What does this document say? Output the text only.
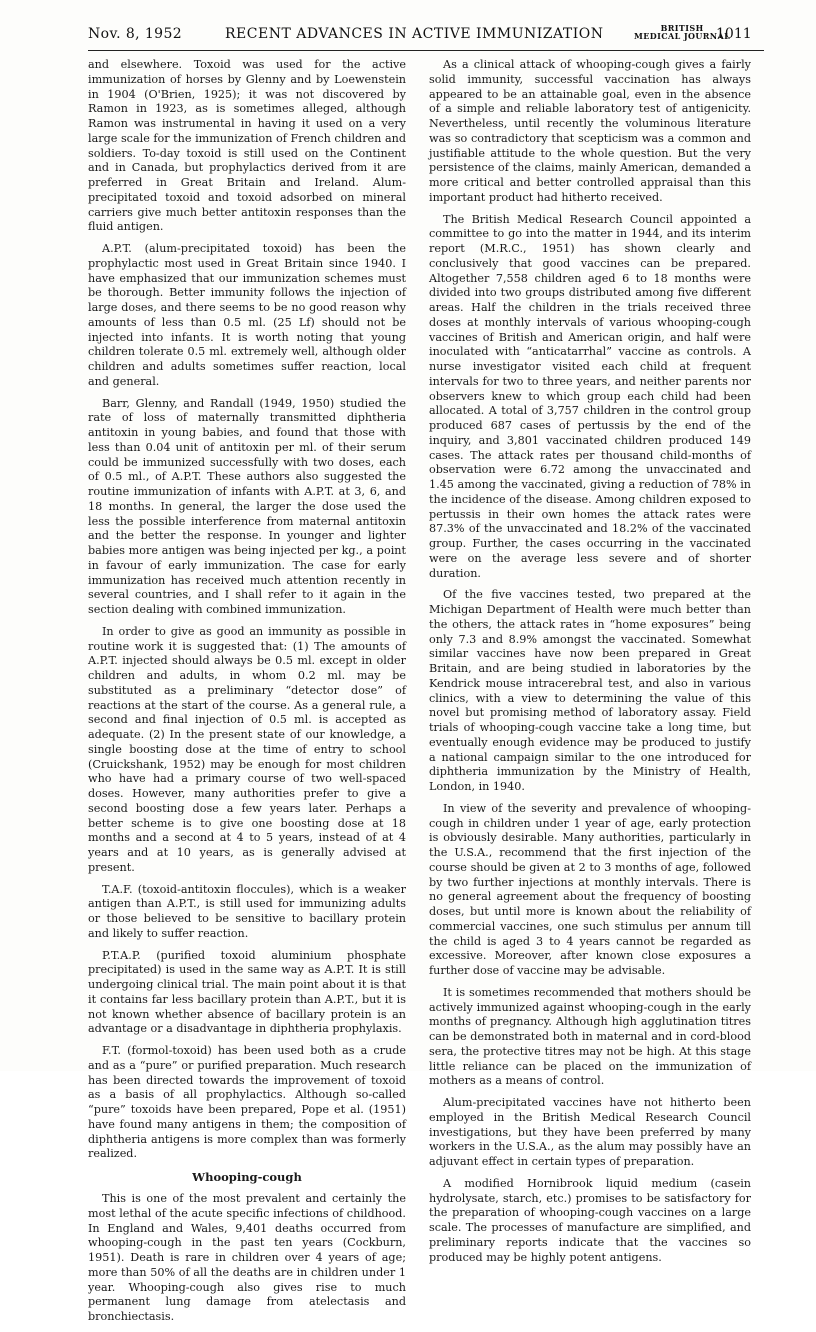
Nov. 8, 1952	RECENT ADVANCES IN ACTIVE IMMUNIZATION	BRITISH
MEDICAL JOURNAL
1011

and elsewhere. Toxoid was used for the active immunization of horses by Glenny and by Loewenstein in 1904 (O'Brien, 1925); it was not discovered by Ramon in 1923, as is sometimes alleged, although Ramon was instrumental in having it used on a very large scale for the immunization of French children and soldiers. To-day toxoid is still used on the Continent and in Canada, but prophylactics derived from it are preferred in Great Britain and Ireland. Alum-precipitated toxoid and toxoid adsorbed on mineral carriers give much better antitoxin responses than the fluid antigen.

A.P.T. (alum-precipitated toxoid) has been the prophylactic most used in Great Britain since 1940. I have emphasized that our immunization schemes must be thorough. Better immunity follows the injection of large doses, and there seems to be no good reason why amounts of less than 0.5 ml. (25 Lf) should not be injected into infants. It is worth noting that young children tolerate 0.5 ml. extremely well, although older children and adults sometimes suffer reaction, local and general.

Barr, Glenny, and Randall (1949, 1950) studied the rate of loss of maternally transmitted diphtheria antitoxin in young babies, and found that those with less than 0.04 unit of antitoxin per ml. of their serum could be immunized successfully with two doses, each of 0.5 ml., of A.P.T. These authors also suggested the routine immunization of infants with A.P.T. at 3, 6, and 18 months. In general, the larger the dose used the less the possible interference from maternal antitoxin and the better the response. In younger and lighter babies more antigen was being injected per kg., a point in favour of early immunization. The case for early immunization has received much attention recently in several countries, and I shall refer to it again in the section dealing with combined immunization.

In order to give as good an immunity as possible in routine work it is suggested that: (1) The amounts of A.P.T. injected should always be 0.5 ml. except in older children and adults, in whom 0.2 ml. may be substituted as a preliminary “detector dose” of reactions at the start of the course. As a general rule, a second and final injection of 0.5 ml. is accepted as adequate. (2) In the present state of our knowledge, a single boosting dose at the time of entry to school (Cruickshank, 1952) may be enough for most children who have had a primary course of two well-spaced doses. However, many authorities prefer to give a second boosting dose a few years later. Perhaps a better scheme is to give one boosting dose at 18 months and a second at 4 to 5 years, instead of at 4 years and at 10 years, as is generally advised at present.

T.A.F. (toxoid-antitoxin floccules), which is a weaker antigen than A.P.T., is still used for immunizing adults or those believed to be sensitive to bacillary protein and likely to suffer reaction.

P.T.A.P. (purified toxoid aluminium phosphate precipitated) is used in the same way as A.P.T. It is still undergoing clinical trial. The main point about it is that it contains far less bacillary protein than A.P.T., but it is not known whether absence of bacillary protein is an advantage or a disadvantage in diphtheria prophylaxis.

F.T. (formol-toxoid) has been used both as a crude and as a “pure” or purified preparation. Much research has been directed towards the improvement of toxoid as a basis of all prophylactics. Although so-called “pure” toxoids have been prepared, Pope et al. (1951) have found many antigens in them; the composition of diphtheria antigens is more complex than was formerly realized.

Whooping-cough

This is one of the most prevalent and certainly the most lethal of the acute specific infections of childhood. In England and Wales, 9,401 deaths occurred from whooping-cough in the past ten years (Cockburn, 1951). Death is rare in children over 4 years of age; more than 50% of all the deaths are in children under 1 year. Whooping-cough also gives rise to much permanent lung damage from atelectasis and bronchiectasis.

As a clinical attack of whooping-cough gives a fairly solid immunity, successful vaccination has always appeared to be an attainable goal, even in the absence of a simple and reliable laboratory test of antigenicity. Nevertheless, until recently the voluminous literature was so contradictory that scepticism was a common and justifiable attitude to the whole question. But the very persistence of the claims, mainly American, demanded a more critical and better controlled appraisal than this important product had hitherto received.

The British Medical Research Council appointed a committee to go into the matter in 1944, and its interim report (M.R.C., 1951) has shown clearly and conclusively that good vaccines can be prepared. Altogether 7,558 children aged 6 to 18 months were divided into two groups distributed among five different areas. Half the children in the trials received three doses at monthly intervals of various whooping-cough vaccines of British and American origin, and half were inoculated with “anticatarrhal” vaccine as controls. A nurse investigator visited each child at frequent intervals for two to three years, and neither parents nor observers knew to which group each child had been allocated. A total of 3,757 children in the control group produced 687 cases of pertussis by the end of the inquiry, and 3,801 vaccinated children produced 149 cases. The attack rates per thousand child-months of observation were 6.72 among the unvaccinated and 1.45 among the vaccinated, giving a reduction of 78% in the incidence of the disease. Among children exposed to pertussis in their own homes the attack rates were 87.3% of the unvaccinated and 18.2% of the vaccinated group. Further, the cases occurring in the vaccinated were on the average less severe and of shorter duration.

Of the five vaccines tested, two prepared at the Michigan Department of Health were much better than the others, the attack rates in “home exposures” being only 7.3 and 8.9% amongst the vaccinated. Somewhat similar vaccines have now been prepared in Great Britain, and are being studied in laboratories by the Kendrick mouse intracerebral test, and also in various clinics, with a view to determining the value of this novel but promising method of laboratory assay. Field trials of whooping-cough vaccine take a long time, but eventually enough evidence may be produced to justify a national campaign similar to the one introduced for diphtheria immunization by the Ministry of Health, London, in 1940.

In view of the severity and prevalence of whooping-cough in children under 1 year of age, early protection is obviously desirable. Many authorities, particularly in the U.S.A., recommend that the first injection of the course should be given at 2 to 3 months of age, followed by two further injections at monthly intervals. There is no general agreement about the frequency of boosting doses, but until more is known about the reliability of commercial vaccines, one such stimulus per annum till the child is aged 3 to 4 years cannot be regarded as excessive. Moreover, after known close exposures a further dose of vaccine may be advisable.

It is sometimes recommended that mothers should be actively immunized against whooping-cough in the early months of pregnancy. Although high agglutination titres can be demonstrated both in maternal and in cord-blood sera, the protective titres may not be high. At this stage little reliance can be placed on the immunization of mothers as a means of control.

Alum-precipitated vaccines have not hitherto been employed in the British Medical Research Council investigations, but they have been preferred by many workers in the U.S.A., as the alum may possibly have an adjuvant effect in certain types of preparation.

A modified Hornibrook liquid medium (casein hydrolysate, starch, etc.) promises to be satisfactory for the preparation of whooping-cough vaccines on a large scale. The processes of manufacture are simplified, and preliminary reports indicate that the vaccines so produced may be highly potent antigens.
